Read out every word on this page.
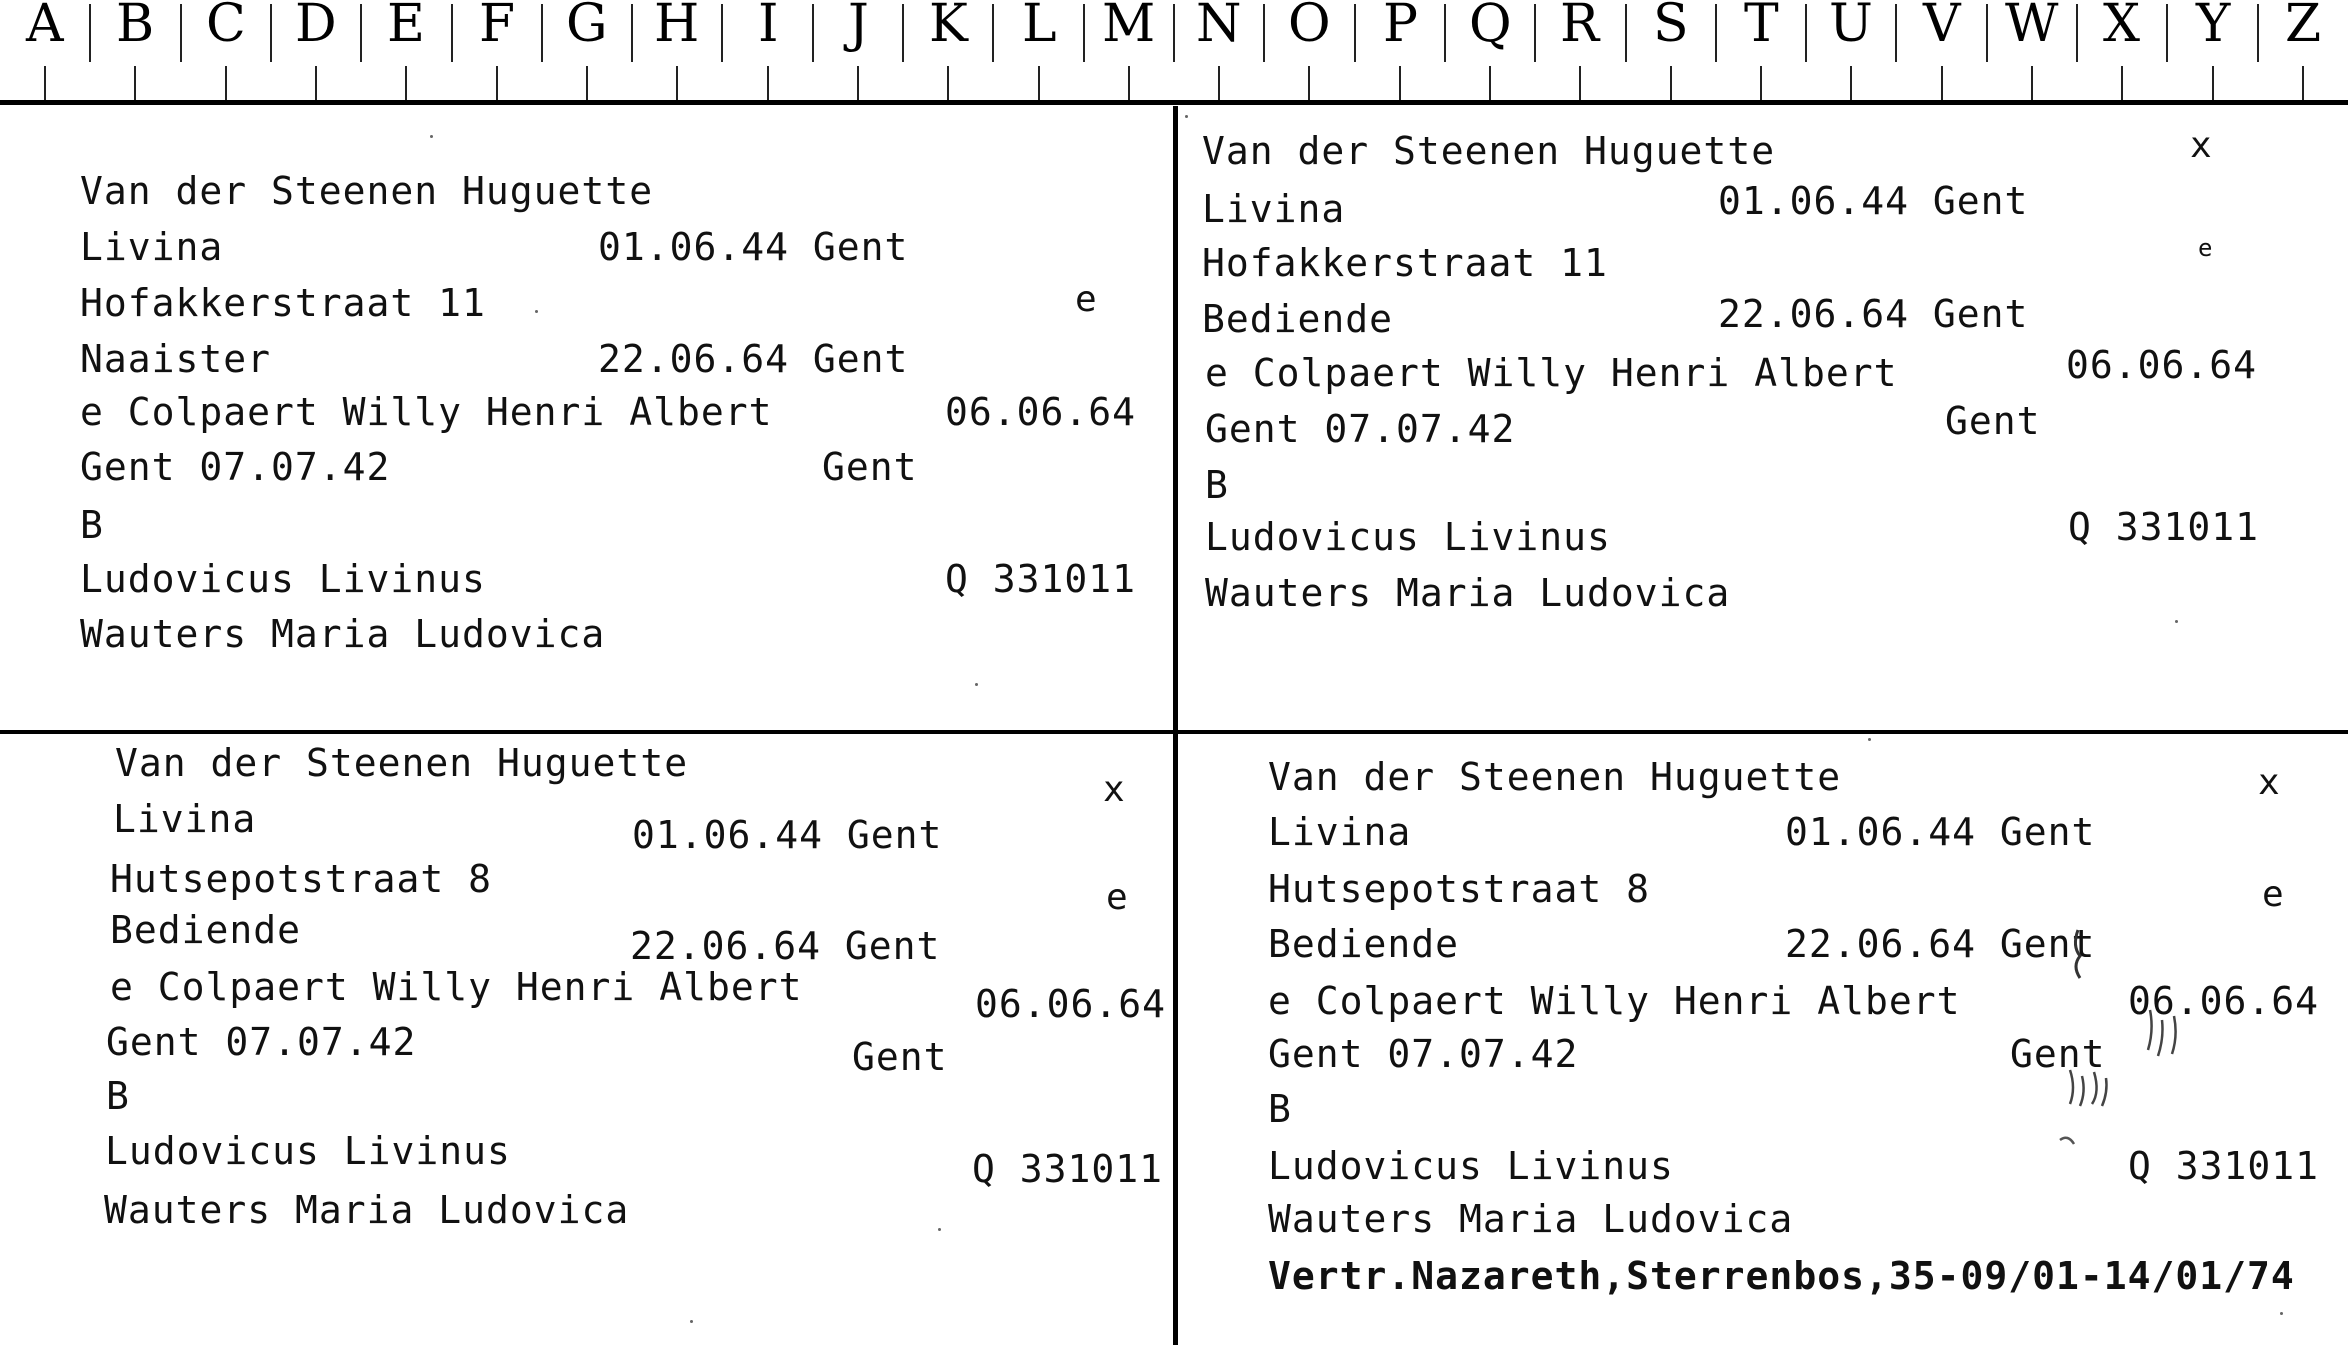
A B C D E F G H I J K L M N O P Q R S T U V W X Y Z
Van der Steenen Huguette
Livina
Hofakkerstraat 11
Naaister
e Colpaert Willy Henri Albert
Gent 07.07.42
B
Ludovicus Livinus
Wauters Maria Ludovica
01.06.44 Gent
22.06.64 Gent
06.06.64
Gent
Q 331011
e
Van der Steenen Huguette
Livina
Hofakkerstraat 11
Bediende
e Colpaert Willy Henri Albert
Gent 07.07.42
B
Ludovicus Livinus
Wauters Maria Ludovica
01.06.44 Gent
22.06.64 Gent
06.06.64
Gent
Q 331011
x
e
Van der Steenen Huguette
Livina
Hutsepotstraat 8
Bediende
e Colpaert Willy Henri Albert
Gent 07.07.42
B
Ludovicus Livinus
Wauters Maria Ludovica
01.06.44 Gent
22.06.64 Gent
06.06.64
Gent
Q 331011
x
e
Van der Steenen Huguette
Livina
Hutsepotstraat 8
Bediende
e Colpaert Willy Henri Albert
Gent 07.07.42
B
Ludovicus Livinus
Wauters Maria Ludovica
Vertr.Nazareth,Sterrenbos,35-09/01-14/01/74
01.06.44 Gent
22.06.64 Gent
06.06.64
Gent
Q 331011
x
e
